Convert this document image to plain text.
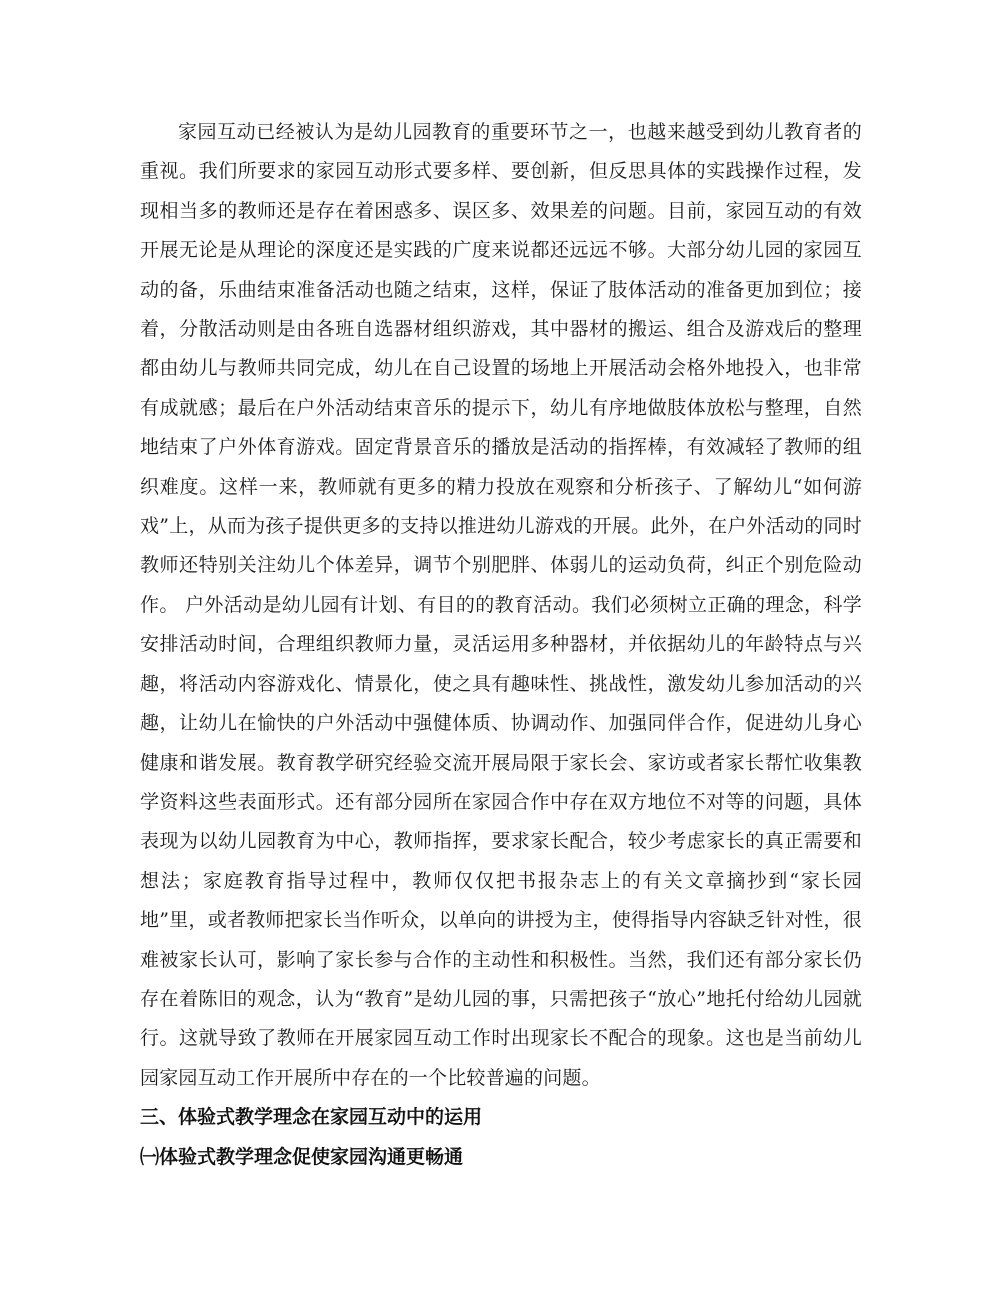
家园互动已经被认为是幼儿园教育的重要环节之一，也越来越受到幼儿教育者的重视。我们所要求的家园互动形式要多样、要创新，但反思具体的实践操作过程，发现相当多的教师还是存在着困惑多、误区多、效果差的问题。目前，家园互动的有效开展无论是从理论的深度还是实践的广度来说都还远远不够。大部分幼儿园的家园互动的备，乐曲结束准备活动也随之结束，这样，保证了肢体活动的准备更加到位；接着，分散活动则是由各班自选器材组织游戏，其中器材的搬运、组合及游戏后的整理都由幼儿与教师共同完成，幼儿在自己设置的场地上开展活动会格外地投入，也非常有成就感；最后在户外活动结束音乐的提示下，幼儿有序地做肢体放松与整理，自然地结束了户外体育游戏。固定背景音乐的播放是活动的指挥棒，有效减轻了教师的组织难度。这样一来，教师就有更多的精力投放在观察和分析孩子、了解幼儿“如何游戏”上，从而为孩子提供更多的支持以推进幼儿游戏的开展。此外，在户外活动的同时教师还特别关注幼儿个体差异，调节个别肥胖、体弱儿的运动负荷，纠正个别危险动作。 户外活动是幼儿园有计划、有目的的教育活动。我们必须树立正确的理念，科学安排活动时间，合理组织教师力量，灵活运用多种器材，并依据幼儿的年龄特点与兴趣，将活动内容游戏化、情景化，使之具有趣味性、挑战性，激发幼儿参加活动的兴趣，让幼儿在愉快的户外活动中强健体质、协调动作、加强同伴合作，促进幼儿身心健康和谐发展。教育教学研究经验交流开展局限于家长会、家访或者家长帮忙收集教学资料这些表面形式。还有部分园所在家园合作中存在双方地位不对等的问题，具体表现为以幼儿园教育为中心，教师指挥，要求家长配合，较少考虑家长的真正需要和想法；家庭教育指导过程中，教师仅仅把书报杂志上的有关文章摘抄到“家长园地”里，或者教师把家长当作听众，以单向的讲授为主，使得指导内容缺乏针对性，很难被家长认可，影响了家长参与合作的主动性和积极性。当然，我们还有部分家长仍存在着陈旧的观念，认为“教育”是幼儿园的事，只需把孩子“放心”地托付给幼儿园就行。这就导致了教师在开展家园互动工作时出现家长不配合的现象。这也是当前幼儿园家园互动工作开展所中存在的一个比较普遍的问题。

三、体验式教学理念在家园互动中的运用

㈠体验式教学理念促使家园沟通更畅通
